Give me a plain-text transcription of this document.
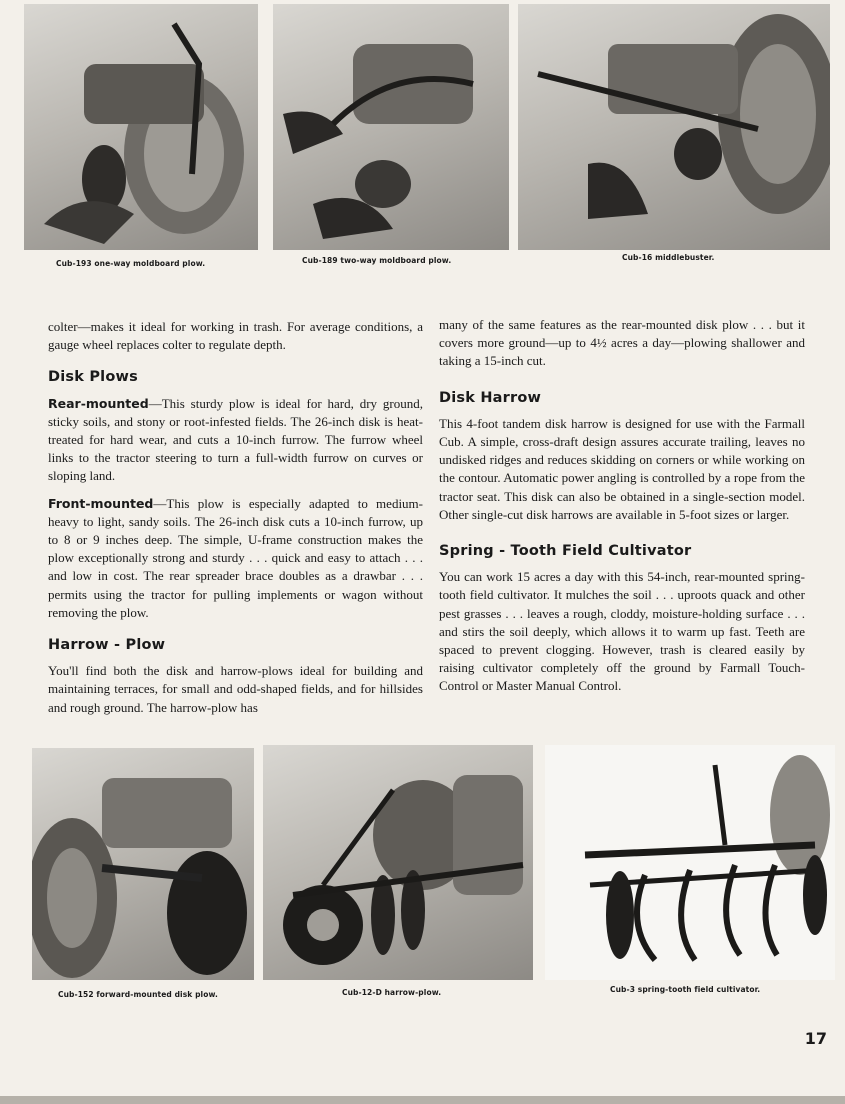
Cub-193 one-way moldboard plow.	Cub-189 two-way moldboard plow.	Cub-16 middlebuster.

colter—makes it ideal for working in trash. For average conditions, a gauge wheel replaces colter to regulate depth.

Disk Plows

Rear-mounted—This sturdy plow is ideal for hard, dry ground, sticky soils, and stony or root-infested fields. The 26-inch disk is heat-treated for hard wear, and cuts a 10-inch furrow. The furrow wheel links to the tractor steering to turn a full-width furrow on curves or sloping land.

Front-mounted—This plow is especially adapted to medium-heavy to light, sandy soils. The 26-inch disk cuts a 10-inch furrow, up to 8 or 9 inches deep. The simple, U-frame construction makes the plow exceptionally strong and sturdy . . . quick and easy to attach . . . and low in cost. The rear spreader brace doubles as a drawbar . . . permits using the tractor for pulling implements or wagon without removing the plow.

Harrow - Plow

You'll find both the disk and harrow-plows ideal for building and maintaining terraces, for small and odd-shaped fields, and for hillsides and rough ground. The harrow-plow has

many of the same features as the rear-mounted disk plow . . . but it covers more ground—up to 4½ acres a day—plowing shallower and taking a 15-inch cut.

Disk Harrow

This 4-foot tandem disk harrow is designed for use with the Farmall Cub. A simple, cross-draft design assures accurate trailing, leaves no undisked ridges and reduces skidding on corners or while working on the contour. Automatic power angling is controlled by a rope from the tractor seat. This disk can also be obtained in a single-section model. Other single-cut disk harrows are available in 5-foot sizes or larger.

Spring - Tooth Field Cultivator

You can work 15 acres a day with this 54-inch, rear-mounted spring-tooth field cultivator. It mulches the soil . . . uproots quack and other pest grasses . . . leaves a rough, cloddy, moisture-holding surface . . . and stirs the soil deeply, which allows it to warm up fast. Teeth are spaced to prevent clogging. However, trash is cleared easily by raising cultivator completely off the ground by Farmall Touch-Control or Master Manual Control.

Cub-152 forward-mounted disk plow.	Cub-12-D harrow-plow.	Cub-3 spring-tooth field cultivator.
17
